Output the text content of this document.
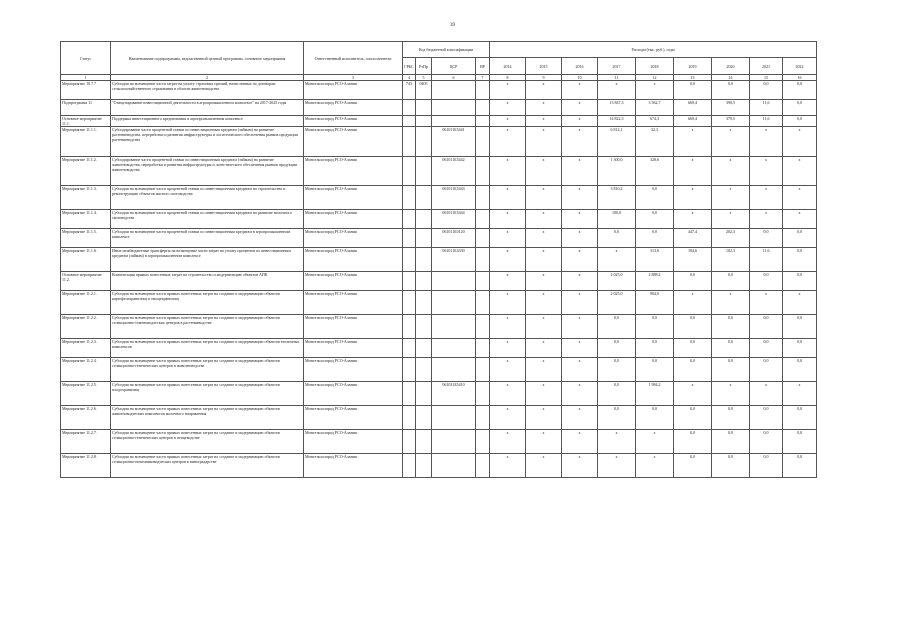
39
Статус	Наименование подпрограммы, ведомственной целевой программы, основного мероприятия	Ответственный исполнитель, соисполнители	Код бюджетной классификации				Расходы (тыс. руб.), годы								
			ГРБС	РзПр	ЦСР	ВР	2014	2015	2016	2017	2018	2019	2020	2021	2022
1	2	3	4	5	6	7	8	9	10	11	12	13	14	15	16
Мероприятие 10.7.7	Субсидии на возмещение части затрат на уплату страховых премий, начисленных по договорам сельскохозяйственного страхования в области животноводства	Минсельхозпрод РСО-Алания	743	0405			х	х	х	х	х	0,0	0,0	0,0	0,0
Подпрограмма 11	"Стимулирование инвестиционной деятельности в агропромышленном комплексе" на 2017-2025 годы	Минсельхозпрод РСО-Алания					х	х	х	13 847,3	3 562,7	669,4	390,5	11,6	0,0
Основное мероприятие 11.1.	Поддержка инвестиционного кредитования в агропромышленном комплексе	Минсельхозпрод РСО-Алания					х	х	х	14 822,3	674,3	669,4	379,5	11,6	0,0
Мероприятие 11.1.1.	Субсидирование части процентной ставки по инвестиционным кредитам (займам) на развитие растениеводства, переработки и развития инфраструктуры и логистического обеспечения рынков продукции растениеводства	Минсельхозпрод РСО-Алания			061011Б5441		х	х	х	6 812,1	32,3	х	х	х	х
Мероприятие 11.1.2.	Субсидирование части процентной ставки по инвестиционным кредитам (займам) на развитие животноводства, переработки и развития инфраструктуры и логистического обеспечения рынков продукции животноводства	Минсельхозпрод РСО-Алания			061011Б5442		х	х	х	1 300,0	328,6	х	х	х	х
Мероприятие 11.1.3.	Субсидии на возмещение части процентной ставки по инвестиционным кредитам на строительство и реконструкцию объектов мясного скотоводства	Минсельхозпрод РСО-Алания			061011Б5443		х	х	х	3 810,2	0,0	х	х	х	х
Мероприятие 11.1.4.	Субсидии на возмещение части процентной ставки по инвестиционным кредитам на развитие молочного скотоводства	Минсельхозпрод РСО-Алания			061011Б5444		х	х	х	100,0	0,0	х	х	х	х
Мероприятие 11.1.5.	Субсидии на возмещение части процентной ставки по инвестиционным кредитам в агропромышленном комплексе	Минсельхозпрод РСО-Алания			061011Б0120		х	х	х	0,0	0,0	447,4	202,3	0,0	0,0
Мероприятие 11.1.6.	Иные межбюджетные трансферты на возмещение части затрат на уплату процентов по инвестиционным кредитам (займам) в агропромышленном комплексе	Минсельхозпрод РСО-Алания			061011Б4330		х	х	х	х	313,6	184,6	102,3	11,6	0,0
Основное мероприятие 11.2.	Компенсация прямых понесенных затрат на строительство и модернизацию объектов АПК	Минсельхозпрод РСО-Алания					х	х	х	2 025,0	2 888,2	0,0	0,0	0,0	0,0
Мероприятие 11.2.1.	Субсидии на возмещение части прямых понесенных затрат на создание и модернизацию объектов картофелехранилищ и овощехранилищ	Минсельхозпрод РСО-Алания					х	х	х	2 025,0	904,0	х	х	х	х
Мероприятие 11.2.2.	Субсидии на возмещение части прямых понесенных затрат на создание и модернизацию объектов селекционно-семеноводческих центров в растениеводстве	Минсельхозпрод РСО-Алания					х	х	х	0,0	0,0	0,0	0,0	0,0	0,0
Мероприятие 11.2.3.	Субсидии на возмещение части прямых понесенных затрат на создание и модернизацию объектов тепличных комплексов	Минсельхозпрод РСО-Алания					х	х	х	0,0	0,0	0,0	0,0	0,0	0,0
Мероприятие 11.2.4.	Субсидии на возмещение части прямых понесенных затрат на создание и модернизацию объектов селекционно-генетических центров в животноводстве	Минсельхозпрод РСО-Алания					х	х	х	0,0	0,0	0,0	0,0	0,0	0,0
Мероприятие 11.2.5.	Субсидии на возмещение части прямых понесенных затрат на создание и модернизацию объектов плодохранилищ	Минсельхозпрод РСО-Алания			061031Б5410		х	х	х	0,0	1 984,2	х	х	х	х
Мероприятие 11.2.6.	Субсидии на возмещение части прямых понесенных затрат на создание и модернизацию объектов животноводческих комплексов молочного направления	Минсельхозпрод РСО-Алания					х	х	х	0,0	0,0	0,0	0,0	0,0	0,0
Мероприятие 11.2.7.	Субсидии на возмещение части прямых понесенных затрат на создание и модернизацию объектов селекционно-генетических центров в птицеводстве	Минсельхозпрод РСО-Алания					х	х	х	х	х	0,0	0,0	0,0	0,0
Мероприятие 11.2.8.	Субсидии на возмещение части прямых понесенных затрат на создание и модернизацию объектов селекционно-питомниководческих центров в виноградарстве	Минсельхозпрод РСО-Алания					х	х	х	х	х	0,0	0,0	0,0	0,0
